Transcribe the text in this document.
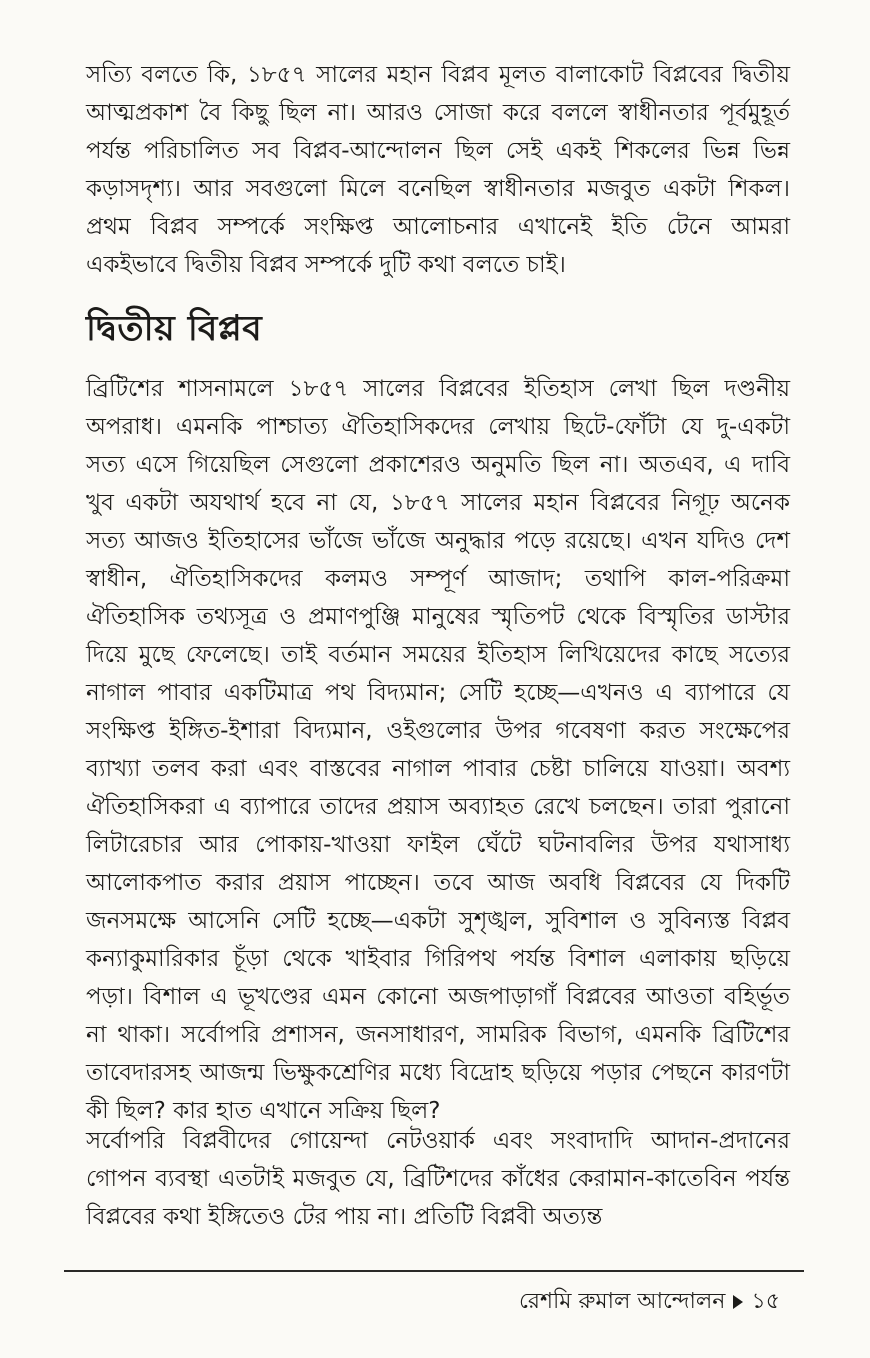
সত্যি বলতে কি, ১৮৫৭ সালের মহান বিপ্লব মূলত বালাকোট বিপ্লবের দ্বিতীয় আত্মপ্রকাশ বৈ কিছু ছিল না। আরও সোজা করে বললে স্বাধীনতার পূর্বমুহূর্ত পর্যন্ত পরিচালিত সব বিপ্লব-আন্দোলন ছিল সেই একই শিকলের ভিন্ন ভিন্ন কড়াসদৃশ্য। আর সবগুলো মিলে বনেছিল স্বাধীনতার মজবুত একটা শিকল। প্রথম বিপ্লব সম্পর্কে সংক্ষিপ্ত আলোচনার এখানেই ইতি টেনে আমরা একইভাবে দ্বিতীয় বিপ্লব সম্পর্কে দুটি কথা বলতে চাই।

দ্বিতীয় বিপ্লব

ব্রিটিশের শাসনামলে ১৮৫৭ সালের বিপ্লবের ইতিহাস লেখা ছিল দণ্ডনীয় অপরাধ। এমনকি পাশ্চাত্য ঐতিহাসিকদের লেখায় ছিটে-ফোঁটা যে দু-একটা সত্য এসে গিয়েছিল সেগুলো প্রকাশেরও অনুমতি ছিল না। অতএব, এ দাবি খুব একটা অযথার্থ হবে না যে, ১৮৫৭ সালের মহান বিপ্লবের নিগূঢ় অনেক সত্য আজও ইতিহাসের ভাঁজে ভাঁজে অনুদ্ধার পড়ে রয়েছে। এখন যদিও দেশ স্বাধীন, ঐতিহাসিকদের কলমও সম্পূর্ণ আজাদ; তথাপি কাল-পরিক্রমা ঐতিহাসিক তথ্যসূত্র ও প্রমাণপুঞ্জি মানুষের স্মৃতিপট থেকে বিস্মৃতির ডাস্টার দিয়ে মুছে ফেলেছে। তাই বর্তমান সময়ের ইতিহাস লিখিয়েদের কাছে সত্যের নাগাল পাবার একটিমাত্র পথ বিদ্যমান; সেটি হচ্ছে—এখনও এ ব্যাপারে যে সংক্ষিপ্ত ইঙ্গিত-ইশারা বিদ্যমান, ওইগুলোর উপর গবেষণা করত সংক্ষেপের ব্যাখ্যা তলব করা এবং বাস্তবের নাগাল পাবার চেষ্টা চালিয়ে যাওয়া। অবশ্য ঐতিহাসিকরা এ ব্যাপারে তাদের প্রয়াস অব্যাহত রেখে চলছেন। তারা পুরানো লিটারেচার আর পোকায়-খাওয়া ফাইল ঘেঁটে ঘটনাবলির উপর যথাসাধ্য আলোকপাত করার প্রয়াস পাচ্ছেন। তবে আজ অবধি বিপ্লবের যে দিকটি জনসমক্ষে আসেনি সেটি হচ্ছে—একটা সুশৃঙ্খল, সুবিশাল ও সুবিন্যস্ত বিপ্লব কন্যাকুমারিকার চূঁড়া থেকে খাইবার গিরিপথ পর্যন্ত বিশাল এলাকায় ছড়িয়ে পড়া। বিশাল এ ভূখণ্ডের এমন কোনো অজপাড়াগাঁ বিপ্লবের আওতা বহির্ভূত না থাকা। সর্বোপরি প্রশাসন, জনসাধারণ, সামরিক বিভাগ, এমনকি ব্রিটিশের তাবেদারসহ আজন্ম ভিক্ষুকশ্রেণির মধ্যে বিদ্রোহ ছড়িয়ে পড়ার পেছনে কারণটা কী ছিল? কার হাত এখানে সক্রিয় ছিল?

সর্বোপরি বিপ্লবীদের গোয়েন্দা নেটওয়ার্ক এবং সংবাদাদি আদান-প্রদানের গোপন ব্যবস্থা এতটাই মজবুত যে, ব্রিটিশদের কাঁধের কেরামান-কাতেবিন পর্যন্ত বিপ্লবের কথা ইঙ্গিতেও টের পায় না। প্রতিটি বিপ্লবী অত্যন্ত

রেশমি রুমাল আন্দোলন ১৫
